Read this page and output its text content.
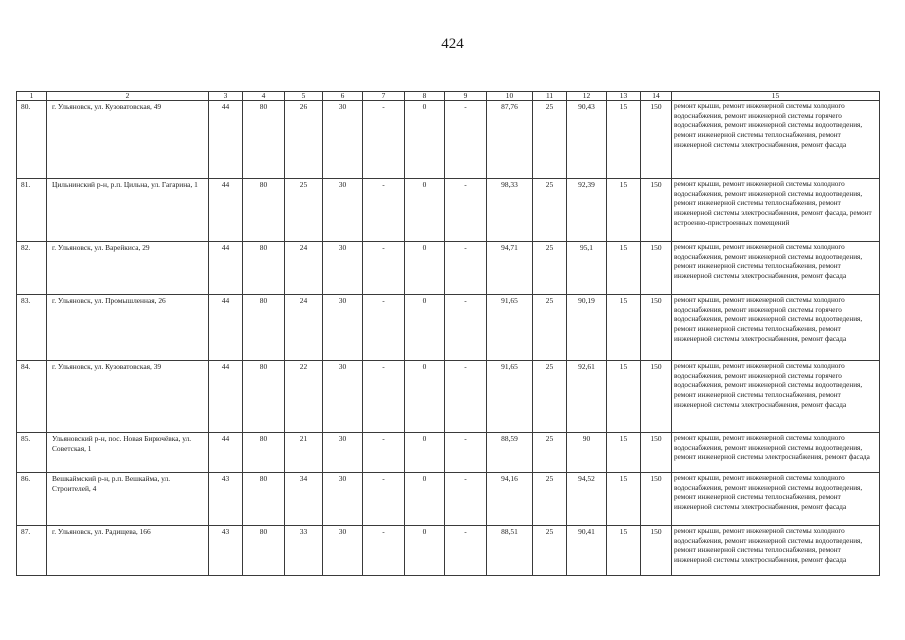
424
1	2	3	4	5	6	7	8	9	10	11	12	13	14	15
80.	г. Ульяновск, ул. Кузоватовская, 49	44	80	26	30	-	0	-	87,76	25	90,43	15	150	ремонт крыши, ремонт инженерной системы холодного водоснабжения, ремонт инженерной системы горячего водоснабжения, ремонт инженерной системы водоотведения, ремонт инженерной системы теплоснабжения, ремонт инженерной системы электроснабжения, ремонт фасада
81.	Цильнинский р-н, р.п. Цильна, ул. Гагарина, 1	44	80	25	30	-	0	-	98,33	25	92,39	15	150	ремонт крыши, ремонт инженерной системы холодного водоснабжения, ремонт инженерной системы водоотведения, ремонт инженерной системы теплоснабжения, ремонт инженерной системы электроснабжения, ремонт фасада, ремонт встроенно-пристроенных помещений
82.	г. Ульяновск, ул. Варейкиса, 29	44	80	24	30	-	0	-	94,71	25	95,1	15	150	ремонт крыши, ремонт инженерной системы холодного водоснабжения, ремонт инженерной системы водоотведения, ремонт инженерной системы теплоснабжения, ремонт инженерной системы электроснабжения, ремонт фасада
83.	г. Ульяновск, ул. Промышленная, 26	44	80	24	30	-	0	-	91,65	25	90,19	15	150	ремонт крыши, ремонт инженерной системы холодного водоснабжения, ремонт инженерной системы горячего водоснабжения, ремонт инженерной системы водоотведения, ремонт инженерной системы теплоснабжения, ремонт инженерной системы электроснабжения, ремонт фасада
84.	г. Ульяновск, ул. Кузоватовская, 39	44	80	22	30	-	0	-	91,65	25	92,61	15	150	ремонт крыши, ремонт инженерной системы холодного водоснабжения, ремонт инженерной системы горячего водоснабжения, ремонт инженерной системы водоотведения, ремонт инженерной системы теплоснабжения, ремонт инженерной системы электроснабжения, ремонт фасада
85.	Ульяновский р-н, пос. Новая Бирючёвка, ул. Советская, 1	44	80	21	30	-	0	-	88,59	25	90	15	150	ремонт крыши, ремонт инженерной системы холодного водоснабжения, ремонт инженерной системы водоотведения, ремонт инженерной системы электроснабжения, ремонт фасада
86.	Вешкаймский р-н, р.п. Вешкайма, ул. Строителей, 4	43	80	34	30	-	0	-	94,16	25	94,52	15	150	ремонт крыши, ремонт инженерной системы холодного водоснабжения, ремонт инженерной системы водоотведения, ремонт инженерной системы теплоснабжения, ремонт инженерной системы электроснабжения, ремонт фасада
87.	г. Ульяновск, ул. Радищева, 166	43	80	33	30	-	0	-	88,51	25	90,41	15	150	ремонт крыши, ремонт инженерной системы холодного водоснабжения, ремонт инженерной системы водоотведения, ремонт инженерной системы теплоснабжения, ремонт инженерной системы электроснабжения, ремонт фасада
